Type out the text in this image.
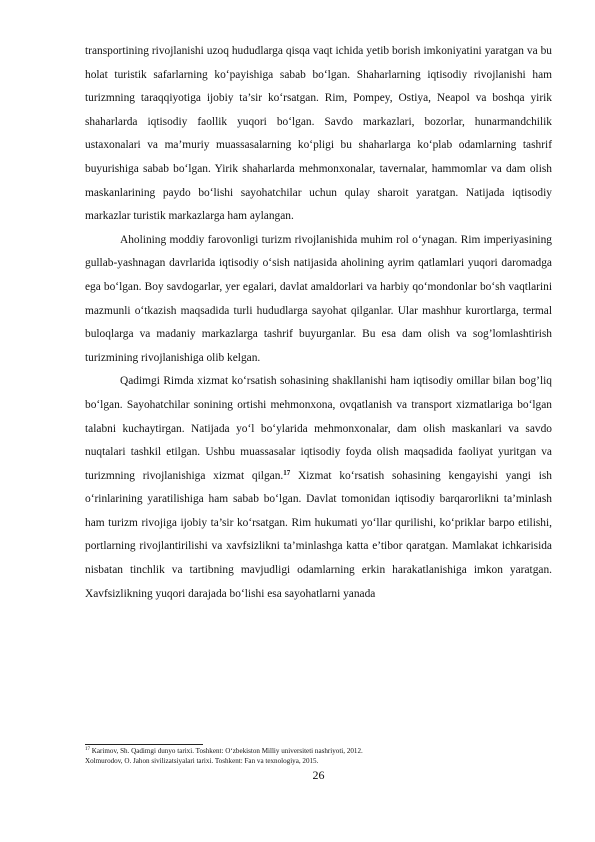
transportining rivojlanishi uzoq hududlarga qisqa vaqt ichida yetib borish imkoniyatini yaratgan va bu holat turistik safarlarning ko‘payishiga sabab bo‘lgan. Shaharlarning iqtisodiy rivojlanishi ham turizmning taraqqiyotiga ijobiy ta’sir ko‘rsatgan. Rim, Pompey, Ostiya, Neapol va boshqa yirik shaharlarda iqtisodiy faollik yuqori bo‘lgan. Savdo markazlari, bozorlar, hunarmandchilik ustaxonalari va ma’muriy muassasalarning ko‘pligi bu shaharlarga ko‘plab odamlarning tashrif buyurishiga sabab bo‘lgan. Yirik shaharlarda mehmonxonalar, tavernalar, hammomlar va dam olish maskanlarining paydo bo‘lishi sayohatchilar uchun qulay sharoit yaratgan. Natijada iqtisodiy markazlar turistik markazlarga ham aylangan.

Aholining moddiy farovonligi turizm rivojlanishida muhim rol o‘ynagan. Rim imperiyasining gullab-yashnagan davrlarida iqtisodiy o‘sish natijasida aholining ayrim qatlamlari yuqori daromadga ega bo‘lgan. Boy savdogarlar, yer egalari, davlat amaldorlari va harbiy qo‘mondonlar bo‘sh vaqtlarini mazmunli o‘tkazish maqsadida turli hududlarga sayohat qilganlar. Ular mashhur kurortlarga, termal buloqlarga va madaniy markazlarga tashrif buyurganlar. Bu esa dam olish va sog’lomlashtirish turizmining rivojlanishiga olib kelgan.

Qadimgi Rimda xizmat ko‘rsatish sohasining shakllanishi ham iqtisodiy omillar bilan bog’liq bo‘lgan. Sayohatchilar sonining ortishi mehmonxona, ovqatlanish va transport xizmatlariga bo‘lgan talabni kuchaytirgan. Natijada yo‘l bo‘ylarida mehmonxonalar, dam olish maskanlari va savdo nuqtalari tashkil etilgan. Ushbu muassasalar iqtisodiy foyda olish maqsadida faoliyat yuritgan va turizmning rivojlanishiga xizmat qilgan.$^{17}$ Xizmat ko‘rsatish sohasining kengayishi yangi ish o‘rinlarining yaratilishiga ham sabab bo‘lgan. Davlat tomonidan iqtisodiy barqarorlikni ta’minlash ham turizm rivojiga ijobiy ta’sir ko‘rsatgan. Rim hukumati yo‘llar qurilishi, ko‘priklar barpo etilishi, portlarning rivojlantirilishi va xavfsizlikni ta’minlashga katta e’tibor qaratgan. Mamlakat ichkarisida nisbatan tinchlik va tartibning mavjudligi odamlarning erkin harakatlanishiga imkon yaratgan. Xavfsizlikning yuqori darajada bo‘lishi esa sayohatlarni yanada

$^{17}$ Karimov, Sh. Qadimgi dunyo tarixi. Toshkent: O‘zbekiston Milliy universiteti nashriyoti, 2012.
Xolmurodov, O. Jahon sivilizatsiyalari tarixi. Toshkent: Fan va texnologiya, 2015.
26
